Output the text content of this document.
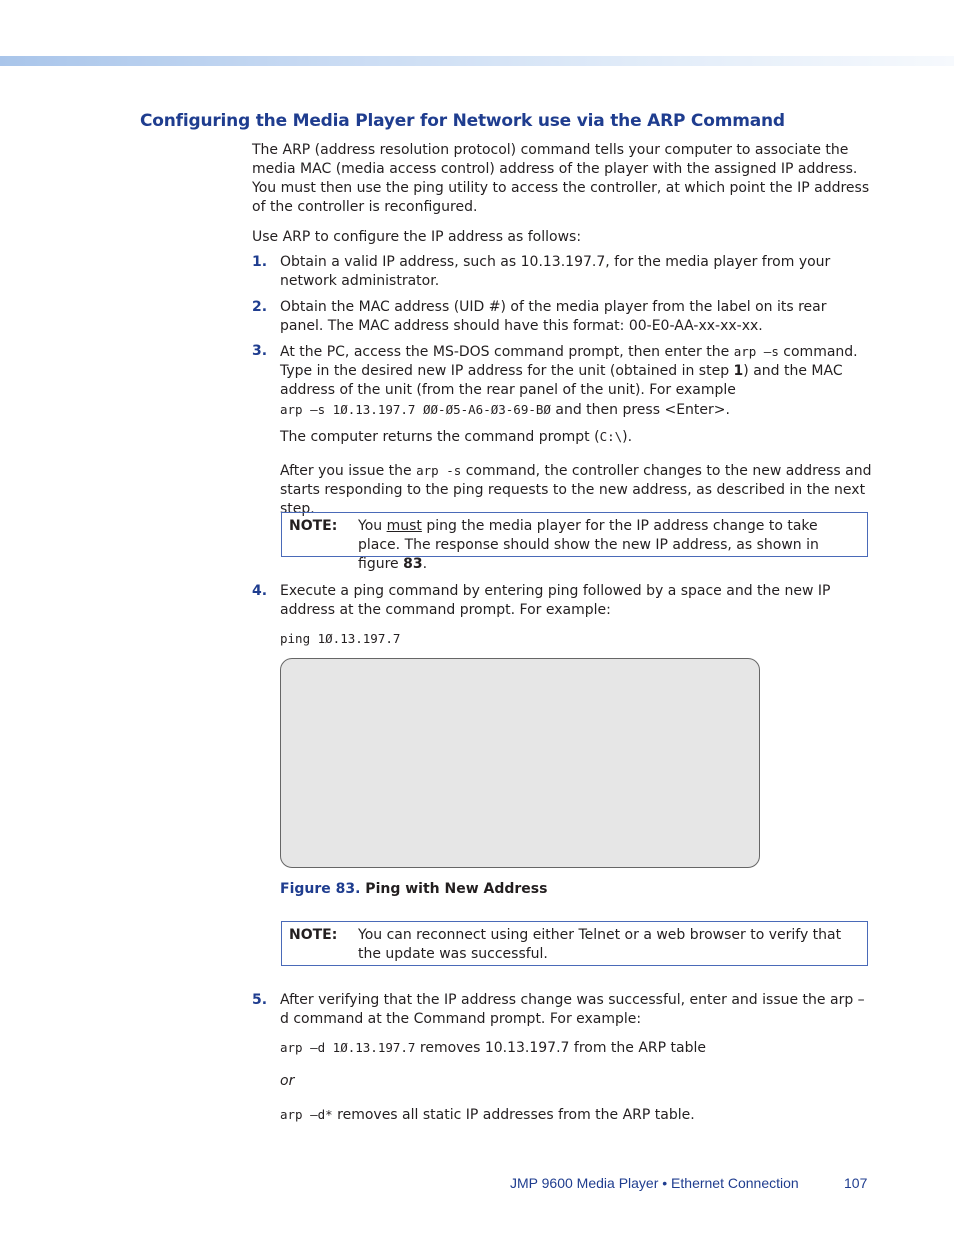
Configuring the Media Player for Network use via the ARP Command

The ARP (address resolution protocol) command tells your computer to associate the media MAC (media access control) address of the player with the assigned IP address. You must then use the ping utility to access the controller, at which point the IP address of the controller is reconfigured.

Use ARP to configure the IP address as follows:

1. Obtain a valid IP address, such as 10.13.197.7, for the media player from your network administrator.

2. Obtain the MAC address (UID #) of the media player from the label on its rear panel. The MAC address should have this format: 00-E0-AA-xx-xx-xx.

3. At the PC, access the MS-DOS command prompt, then enter the arp –s command. Type in the desired new IP address for the unit (obtained in step 1) and the MAC address of the unit (from the rear panel of the unit). For example
arp –s 1Ø.13.197.7 ØØ-Ø5-A6-Ø3-69-BØ and then press <Enter>.

The computer returns the command prompt (C:\).

After you issue the arp -s command, the controller changes to the new address and starts responding to the ping requests to the new address, as described in the next step.

NOTE: You must ping the media player for the IP address change to take place. The response should show the new IP address, as shown in figure 83.
4. Execute a ping command by entering ping followed by a space and the new IP address at the command prompt. For example:

ping 1Ø.13.197.7

Figure 83. Ping with New Address
NOTE: You can reconnect using either Telnet or a web browser to verify that the update was successful.
5. After verifying that the IP address change was successful, enter and issue the arp –d command at the Command prompt. For example:

arp –d 1Ø.13.197.7 removes 10.13.197.7 from the ARP table

or

arp –d* removes all static IP addresses from the ARP table.

JMP 9600 Media Player • Ethernet Connection	107
